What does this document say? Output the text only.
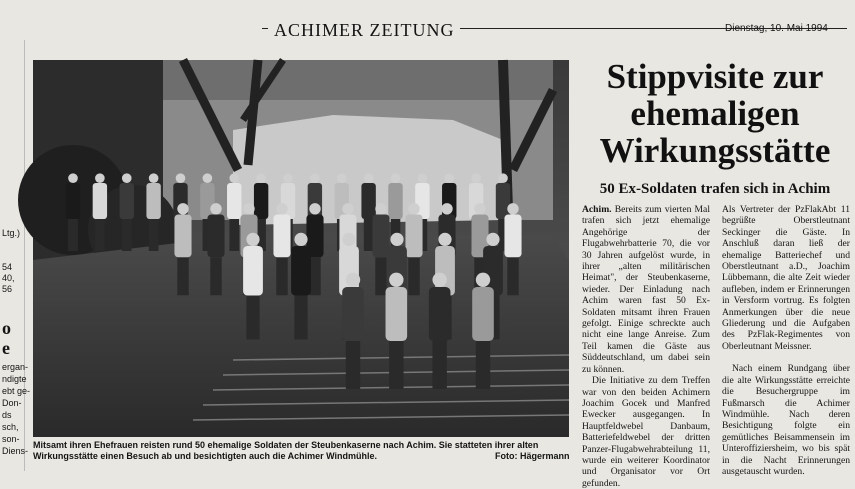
ACHIMER ZEITUNG	Dienstag, 10. Mai 1994
Ltg.)
54
40,
56
o
e
ergan-
ndigte
ebt ge-
Don-
ds
sch,
son-
Diens-
Mitsamt ihren Ehefrauen reisten rund 50 ehemalige Soldaten der Steubenkaserne nach Achim. Sie statteten ihrer alten Wirkungsstätte einen Besuch ab und besichtigten auch die Achimer Windmühle.	Foto: Hägermann
Stippvisite zur ehemaligen Wirkungsstätte
50 Ex-Soldaten trafen sich in Achim

Achim. Bereits zum vierten Mal trafen sich jetzt ehemalige Angehörige der Flugabwehrbatterie 70, die vor 30 Jahren aufgelöst wurde, in ihrer „alten militärischen Heimat", der Steubenkaserne, wieder. Der Einladung nach Achim waren fast 50 Ex-Soldaten mitsamt ihren Frauen gefolgt. Einige schreckte auch nicht eine lange Anreise. Zum Teil kamen die Gäste aus Süddeutschland, um dabei sein zu können.

Die Initiative zu dem Treffen war von den beiden Achimern Joachim Gocek und Manfred Ewecker ausgegangen. In Hauptfeldwebel Danbaum, Batteriefeldwebel der dritten Panzer-Flugabwehrabteilung 11, wurde ein weiterer Koordinator und Organisator vor Ort gefunden.

Als Vertreter der PzFlakAbt 11 begrüßte Oberstleutnant Seckinger die Gäste. In Anschluß daran ließ der ehemalige Batteriechef und Oberstleutnant a.D., Joachim Lübbemann, die alte Zeit wieder aufleben, indem er Erinnerungen in Versform vortrug. Es folgten Anmerkungen über die neue Gliederung und die Aufgaben des PzFlak-Regimentes von Oberleutnant Meissner.

Nach einem Rundgang über die alte Wirkungsstätte erreichte die Besuchergruppe im Fußmarsch die Achimer Windmühle. Nach deren Besichtigung folgte ein gemütliches Beisammensein im Unteroffiziersheim, wo bis spät in die Nacht Erinnerungen ausgetauscht wurden.
